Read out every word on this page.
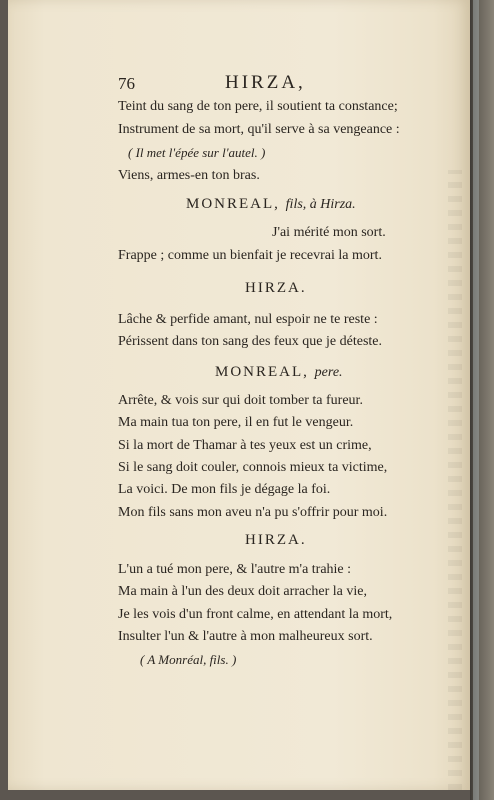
76	HIRZA,
Teint du sang de ton pere, il soutient ta constance;
Instrument de sa mort, qu'il serve à sa vengeance :
( Il met l'épée sur l'autel. )
Viens, armes-en ton bras.
MONREAL, fils, à Hirza.
J'ai mérité mon sort.
Frappe ; comme un bienfait je recevrai la mort.
HIRZA.
Lâche & perfide amant, nul espoir ne te reste :
Périssent dans ton sang des feux que je déteste.
MONREAL, pere.
Arrête, & vois sur qui doit tomber ta fureur.
Ma main tua ton pere, il en fut le vengeur.
Si la mort de Thamar à tes yeux est un crime,
Si le sang doit couler, connois mieux ta victime,
La voici. De mon fils je dégage la foi.
Mon fils sans mon aveu n'a pu s'offrir pour moi.
HIRZA.
L'un a tué mon pere, & l'autre m'a trahie :
Ma main à l'un des deux doit arracher la vie,
Je les vois d'un front calme, en attendant la mort,
Insulter l'un & l'autre à mon malheureux sort.
( A Monréal, fils. )
